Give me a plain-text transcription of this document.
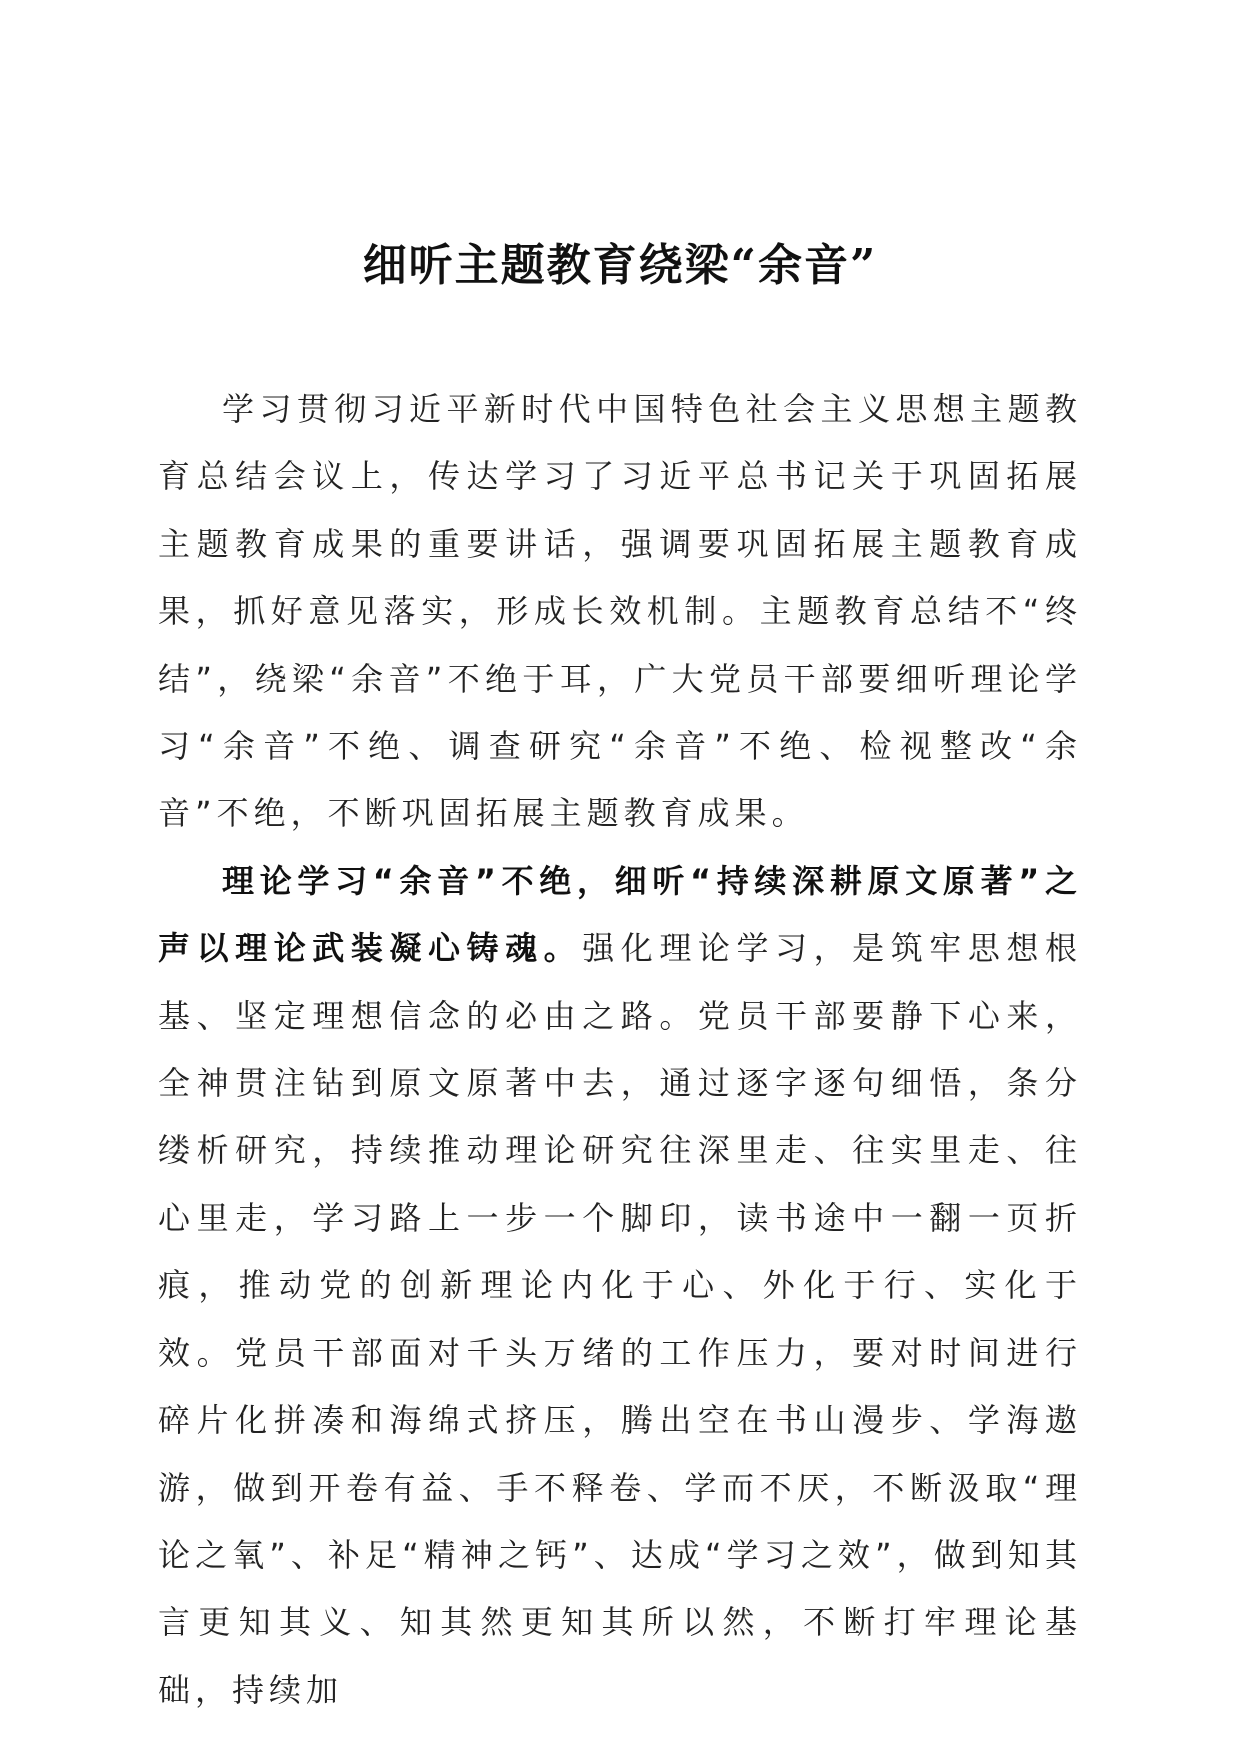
细听主题教育绕梁“余音”

学习贯彻习近平新时代中国特色社会主义思想主题教育总结会议上，传达学习了习近平总书记关于巩固拓展主题教育成果的重要讲话，强调要巩固拓展主题教育成果，抓好意见落实，形成长效机制。主题教育总结不“终结”，绕梁“余音”不绝于耳，广大党员干部要细听理论学习“余音”不绝、调查研究“余音”不绝、检视整改“余音”不绝，不断巩固拓展主题教育成果。

理论学习“余音”不绝，细听“持续深耕原文原著”之声以理论武装凝心铸魂。强化理论学习，是筑牢思想根基、坚定理想信念的必由之路。党员干部要静下心来，全神贯注钻到原文原著中去，通过逐字逐句细悟，条分缕析研究，持续推动理论研究往深里走、往实里走、往心里走，学习路上一步一个脚印，读书途中一翻一页折痕，推动党的创新理论内化于心、外化于行、实化于效。党员干部面对千头万绪的工作压力，要对时间进行碎片化拼凑和海绵式挤压，腾出空在书山漫步、学海遨游，做到开卷有益、手不释卷、学而不厌，不断汲取“理论之氧”、补足“精神之钙”、达成“学习之效”，做到知其言更知其义、知其然更知其所以然，不断打牢理论基础，持续加
